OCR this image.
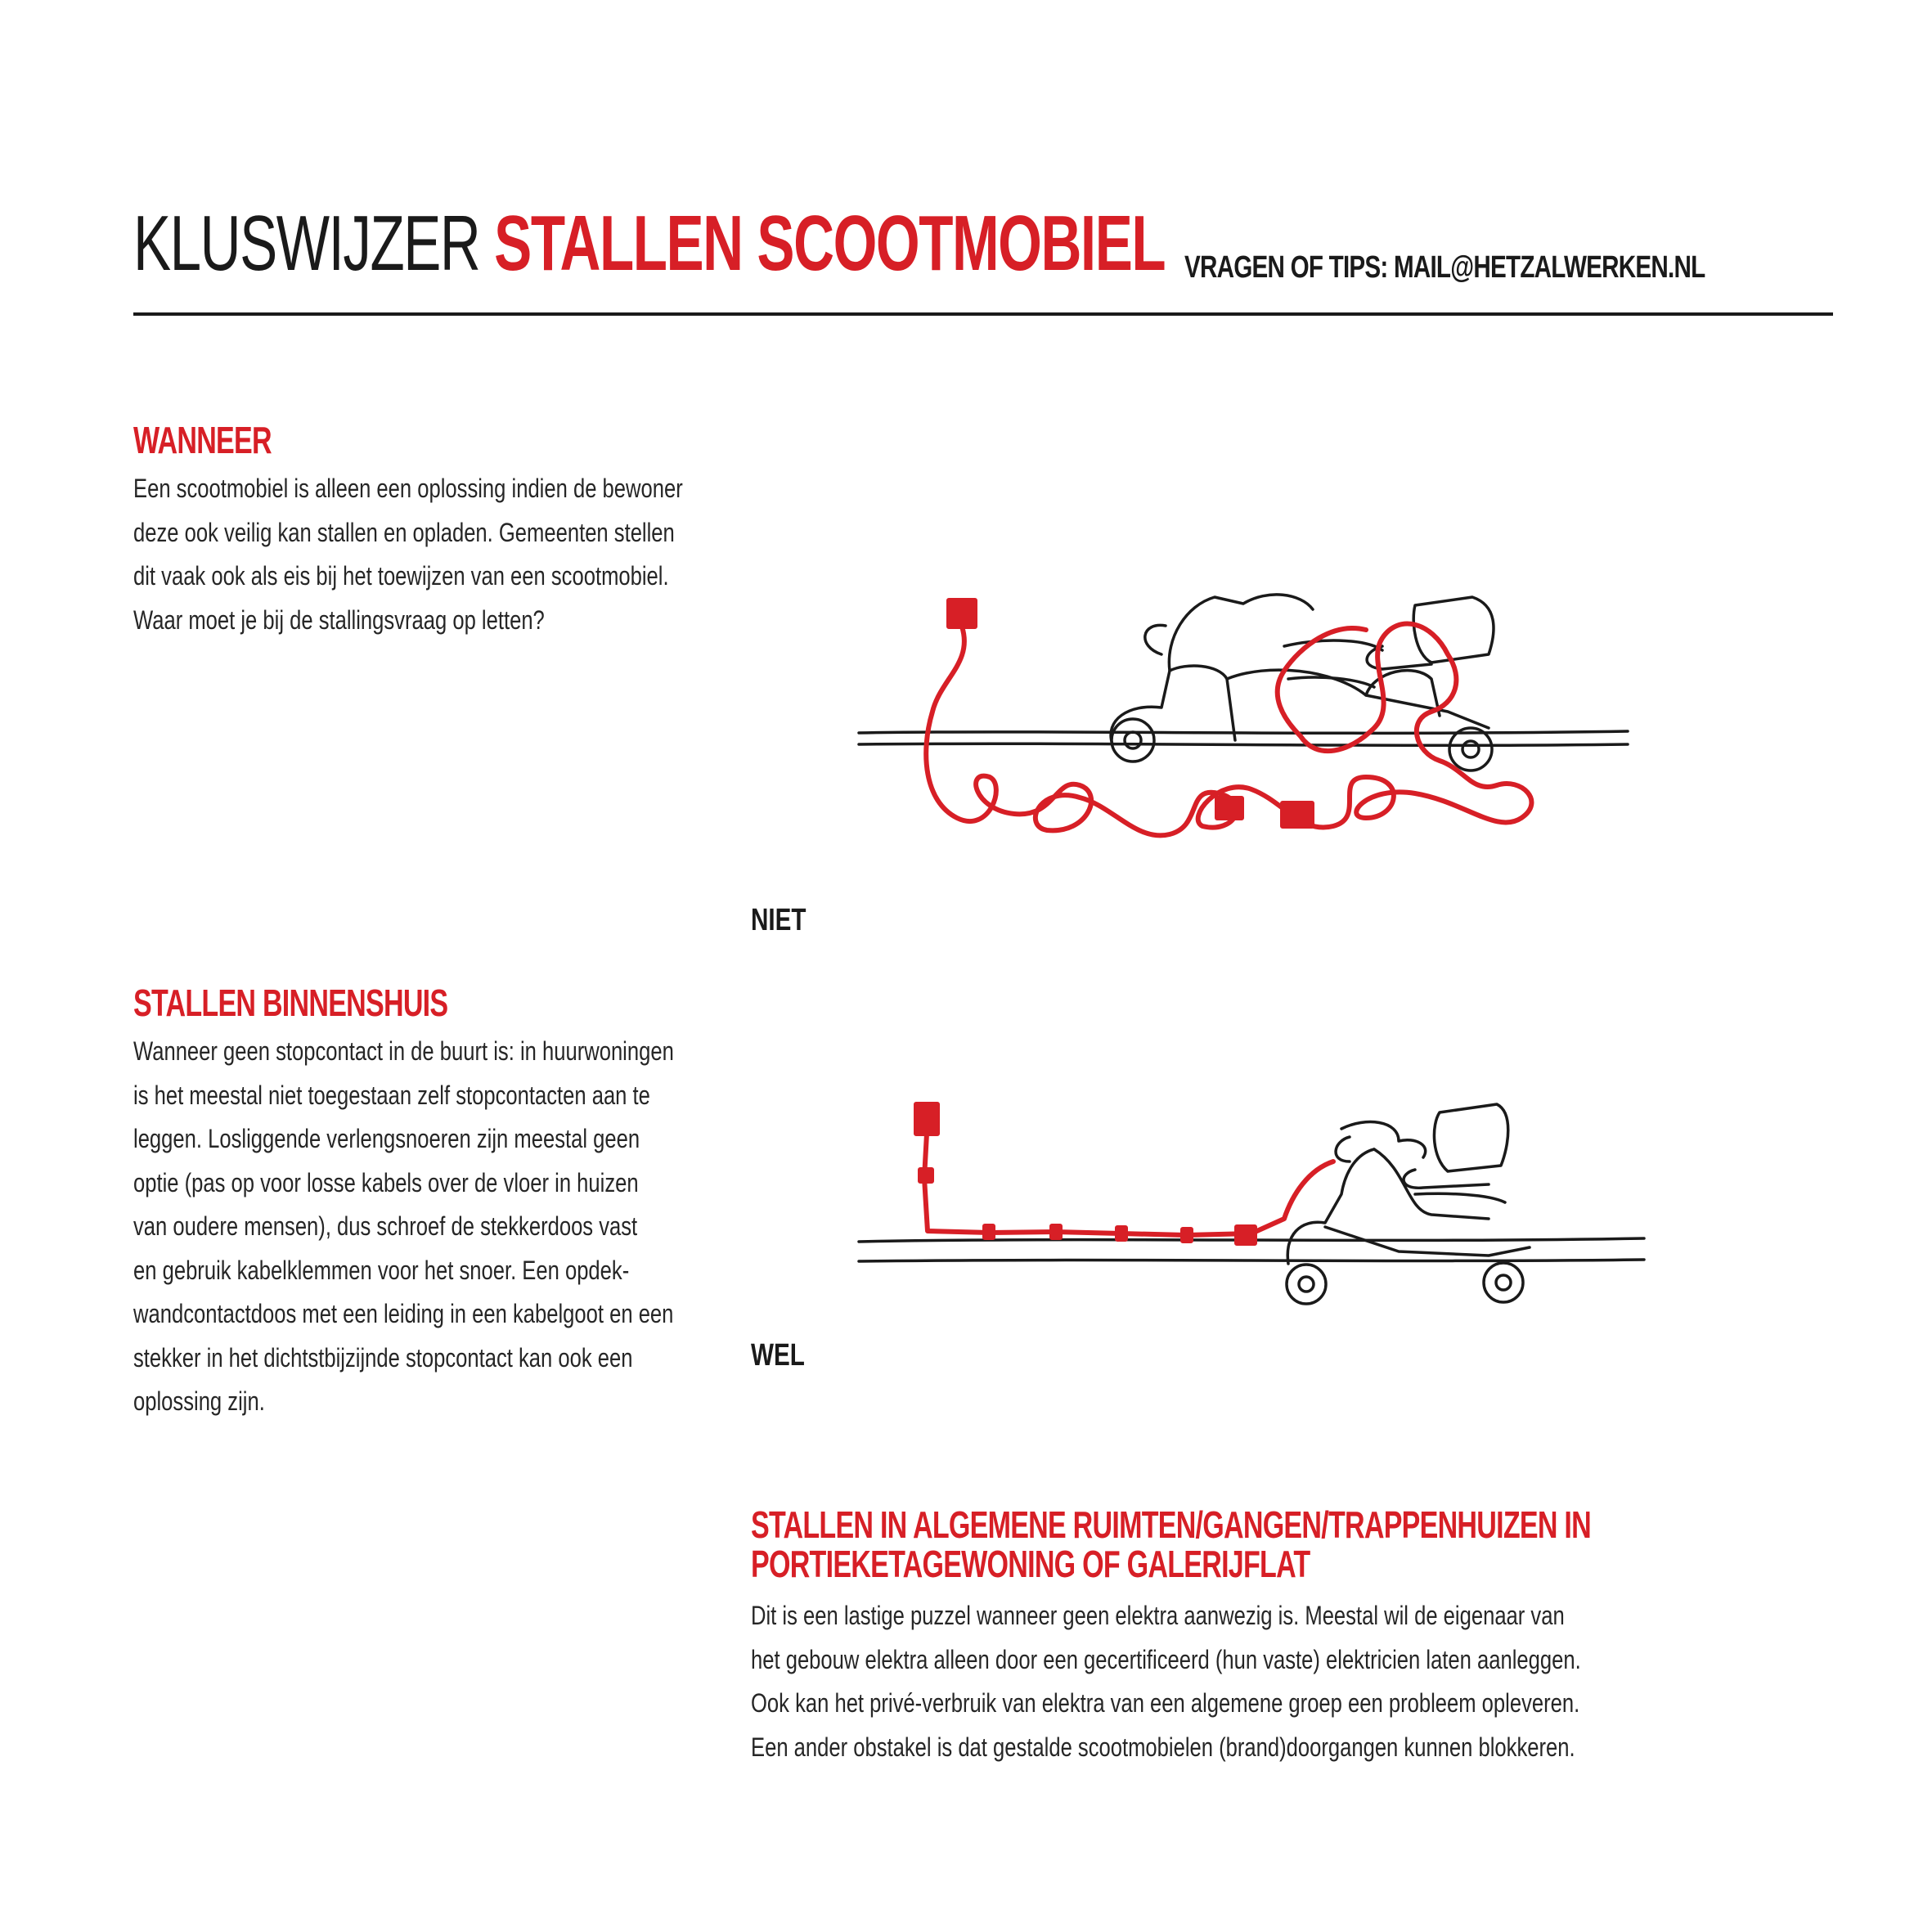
KLUSWIJZER STALLEN SCOOTMOBIEL VRAGEN OF TIPS: MAIL@HETZALWERKEN.NL
WANNEER

Een scootmobiel is alleen een oplossing indien de bewoner
deze ook veilig kan stallen en opladen. Gemeenten stellen
dit vaak ook als eis bij het toewijzen van een scootmobiel.
Waar moet je bij de stallingsvraag op letten?

STALLEN BINNENSHUIS

Wanneer geen stopcontact in de buurt is: in huurwoningen
is het meestal niet toegestaan zelf stopcontacten aan te
leggen. Losliggende verlengsnoeren zijn meestal geen
optie (pas op voor losse kabels over de vloer in huizen
van oudere mensen), dus schroef de stekkerdoos vast
en gebruik kabelklemmen voor het snoer. Een opdek-
wandcontactdoos met een leiding in een kabelgoot en een
stekker in het dichtstbijzijnde stopcontact kan ook een
oplossing zijn.

STALLEN IN ALGEMENE RUIMTEN/GANGEN/TRAPPENHUIZEN IN
PORTIEKETAGEWONING OF GALERIJFLAT

Dit is een lastige puzzel wanneer geen elektra aanwezig is. Meestal wil de eigenaar van
het gebouw elektra alleen door een gecertificeerd (hun vaste) elektricien laten aanleggen.
Ook kan het privé-verbruik van elektra van een algemene groep een probleem opleveren.
Een ander obstakel is dat gestalde scootmobielen (brand)doorgangen kunnen blokkeren.

NIET
WEL
